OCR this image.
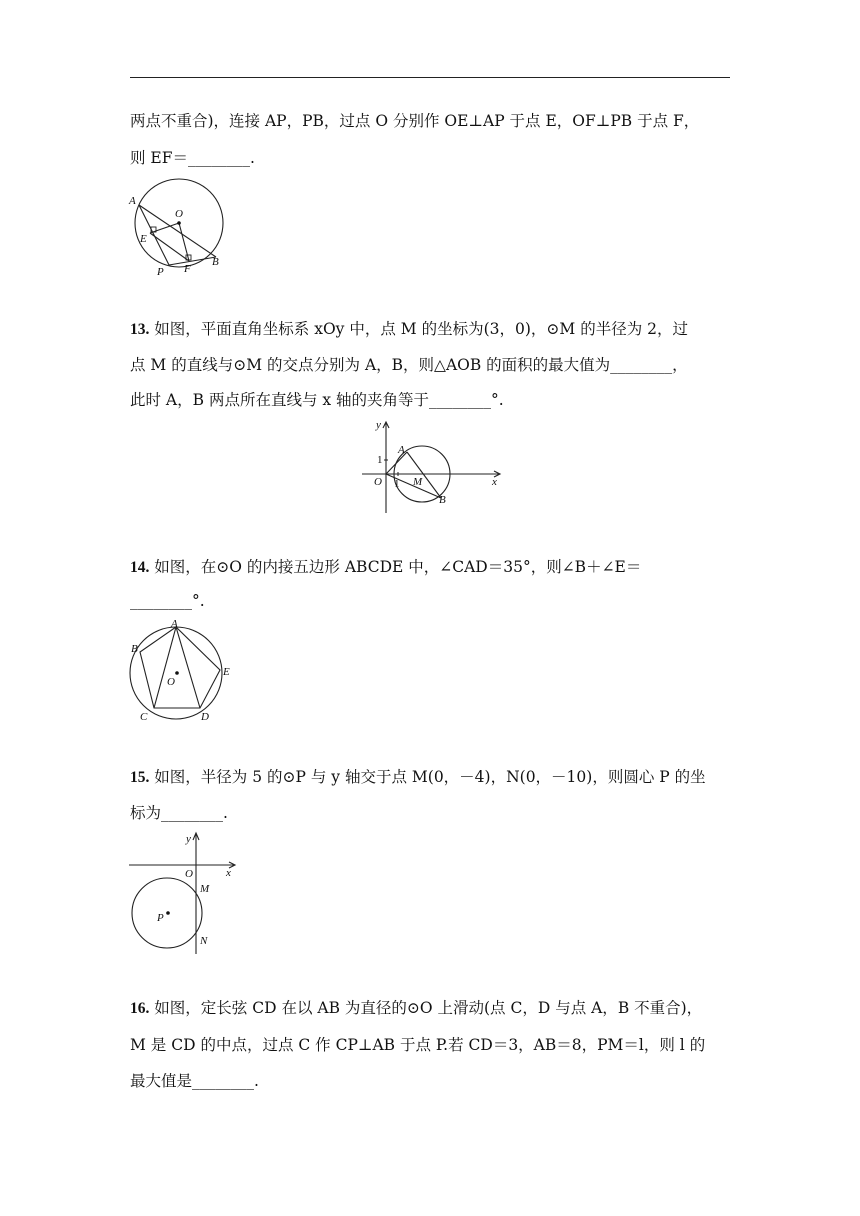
两点不重合)，连接 AP，PB，过点 O 分别作 OE⊥AP 于点 E，OF⊥PB 于点 F，

则 EF＝________.

A
O
E
P F
B

13. 如图，平面直角坐标系 xOy 中，点 M 的坐标为(3，0)，⊙M 的半径为 2，过

点 M 的直线与⊙M 的交点分别为 A，B，则△AOB 的面积的最大值为________，

此时 A，B 两点所在直线与 x 轴的夹角等于________°.

y
x
O
1
1
A
M
B

14. 如图，在⊙O 的内接五边形 ABCDE 中，∠CAD＝35°，则∠B＋∠E＝

________°.

A
B
C	D
E
O

15. 如图，半径为 5 的⊙P 与 y 轴交于点 M(0，－4)，N(0，－10)，则圆心 P 的坐

标为________.

y
x
O
M
P
N

16. 如图，定长弦 CD 在以 AB 为直径的⊙O 上滑动(点 C，D 与点 A，B 不重合)，

M 是 CD 的中点，过点 C 作 CP⊥AB 于点 P.若 CD＝3，AB＝8，PM＝l，则 l 的

最大值是________.
